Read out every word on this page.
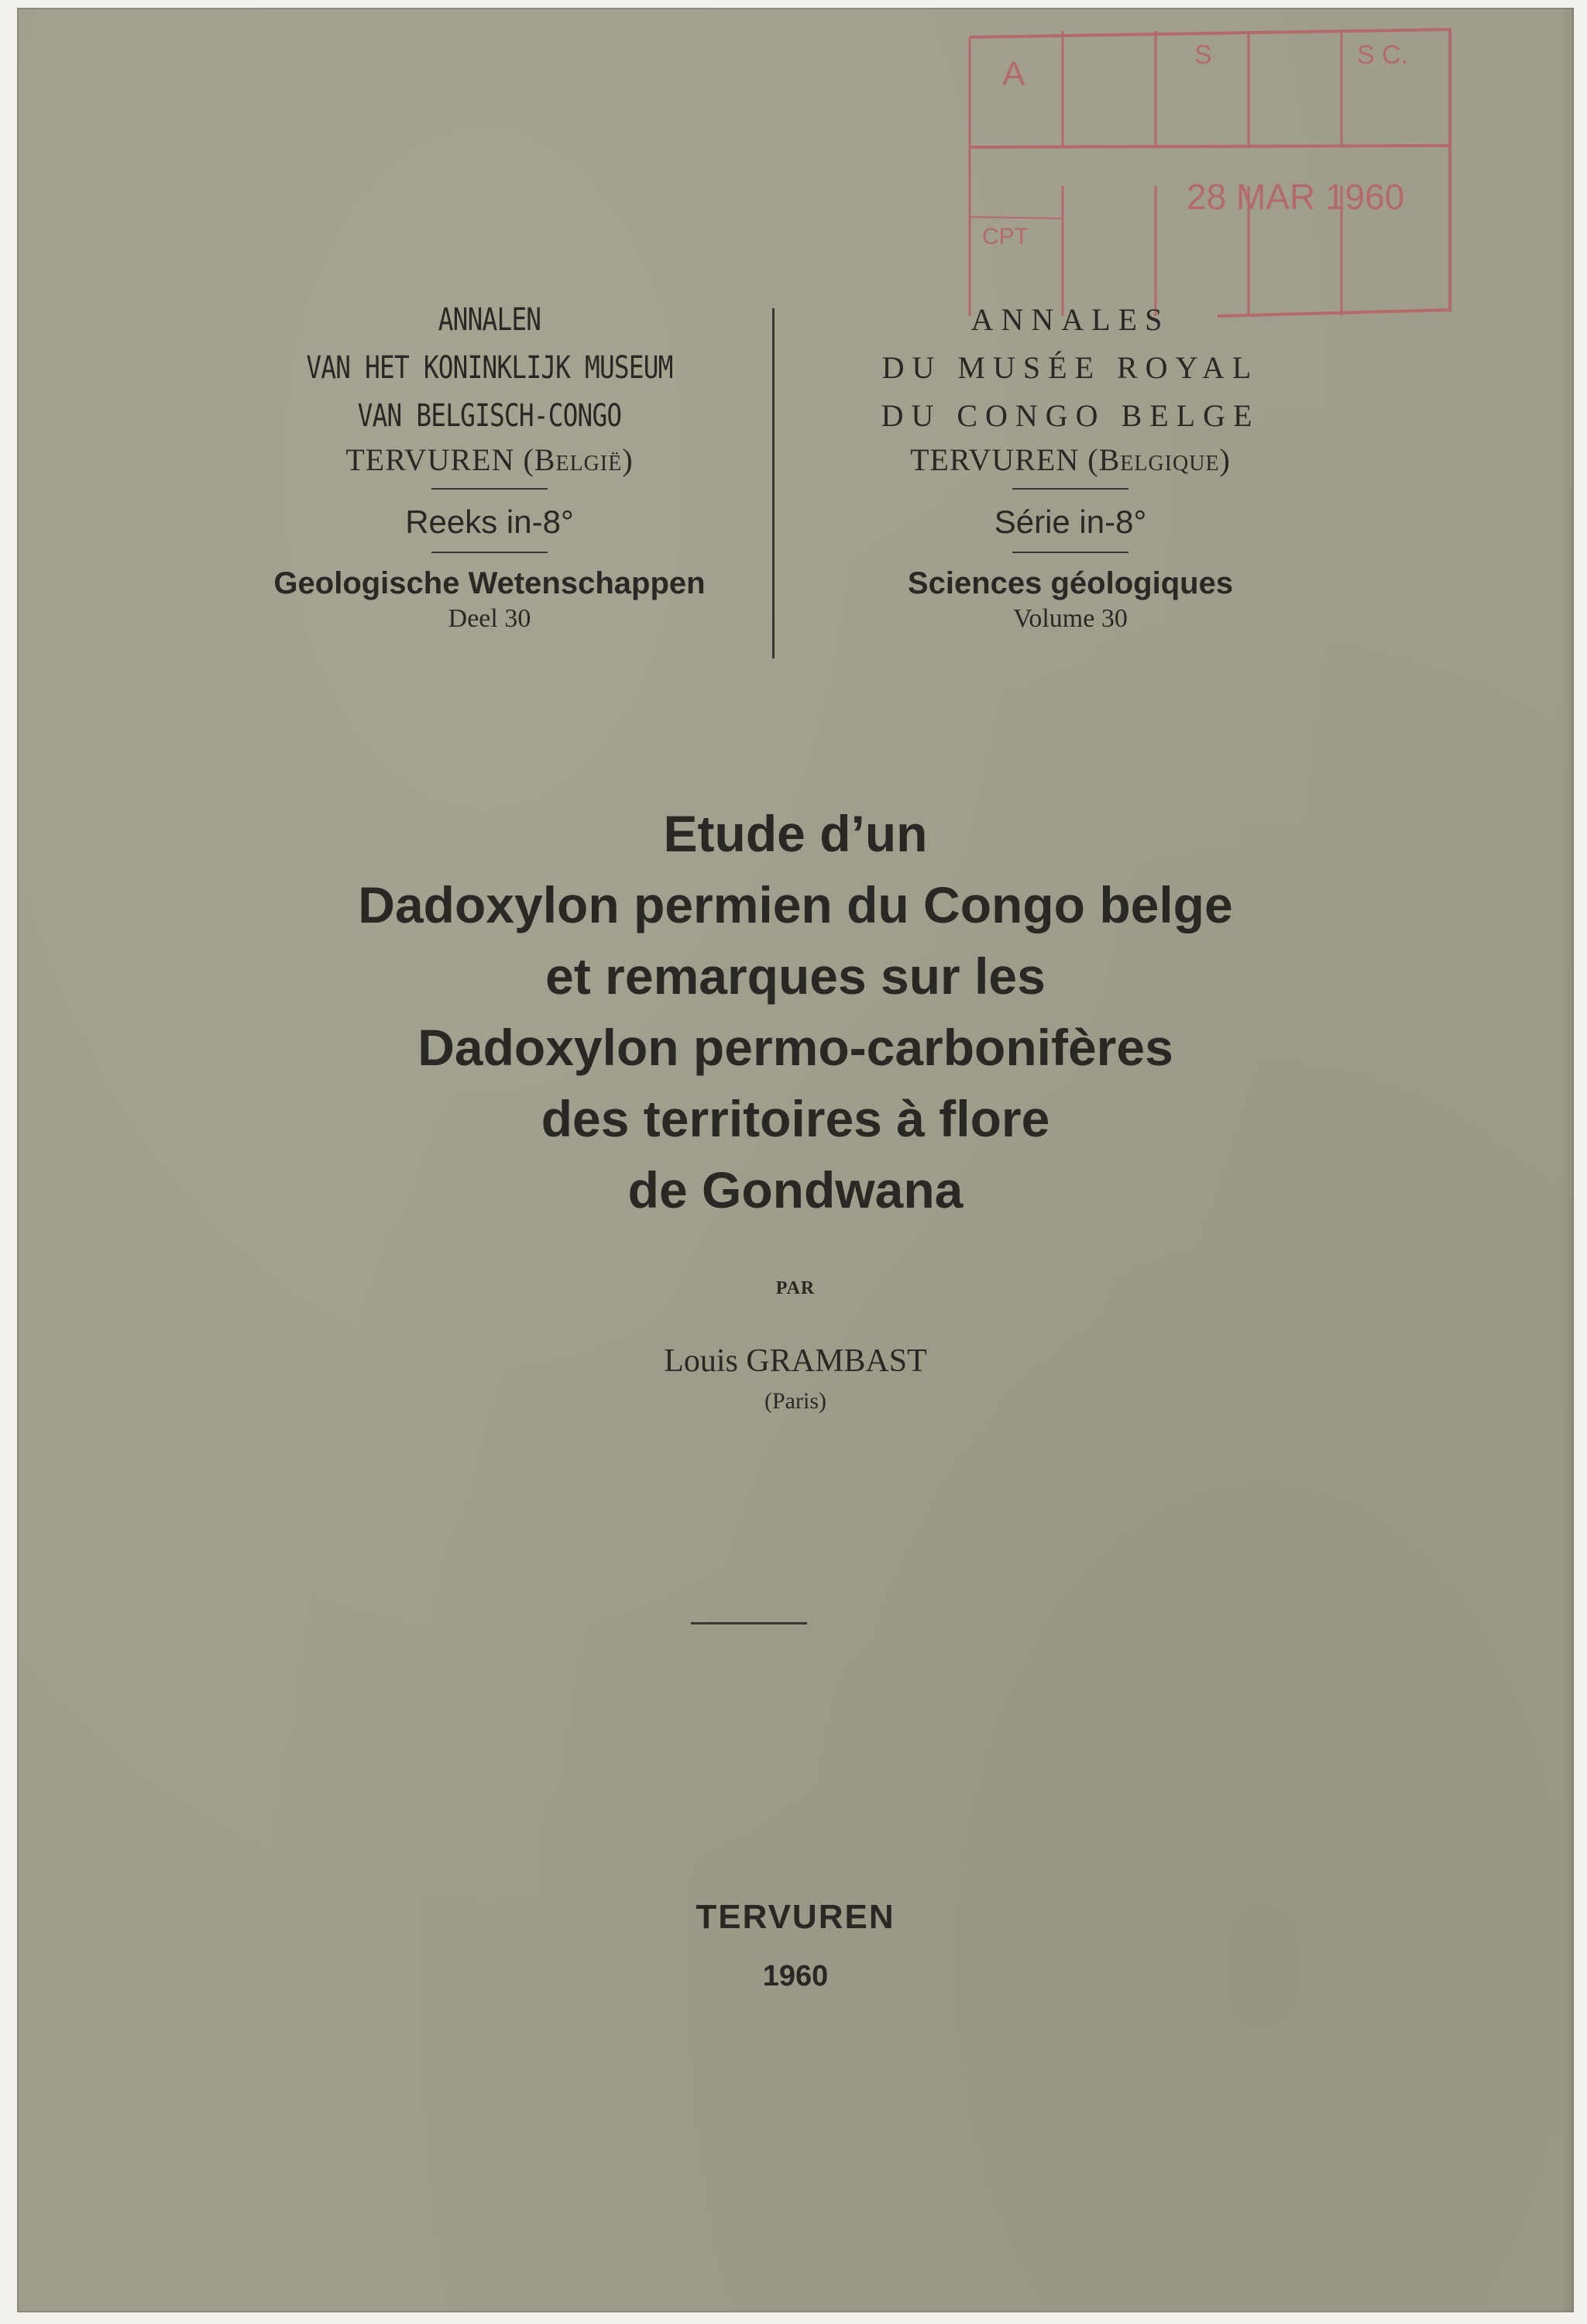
A	S	S C.
28 MAR 1960
CPT
ANNALEN
VAN HET KONINKLIJK MUSEUM
VAN BELGISCH-CONGO
TERVUREN (België)
Reeks in-8°
Geologische Wetenschappen
Deel 30
ANNALES
DU MUSÉE ROYAL
DU CONGO BELGE
TERVUREN (Belgique)
Série in-8°
Sciences géologiques
Volume 30
Etude d’un
Dadoxylon permien du Congo belge
et remarques sur les
Dadoxylon permo-carbonifères
des territoires à flore
de Gondwana
PAR
Louis GRAMBAST
(Paris)
TERVUREN
1960
